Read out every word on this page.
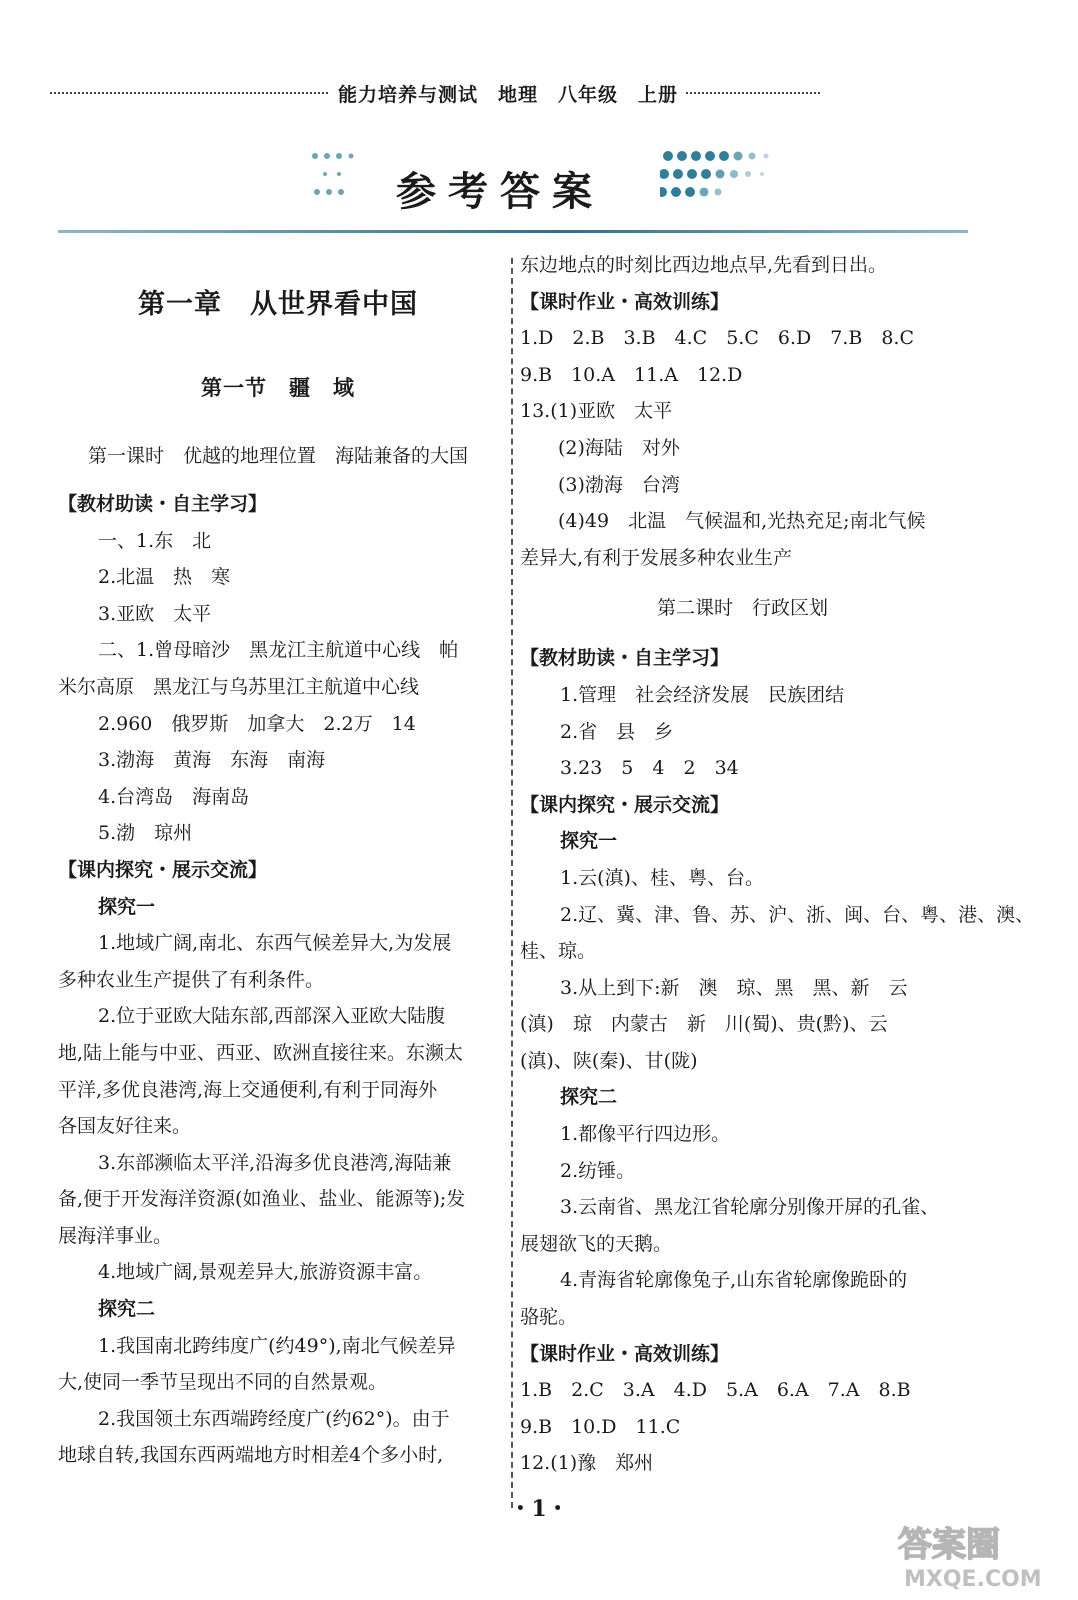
能力培养与测试　地理　八年级　上册
参考答案
第一章　从世界看中国
第一节　疆　域
第一课时　优越的地理位置　海陆兼备的大国
【教材助读・自主学习】
一、1.东　北
2.北温　热　寒
3.亚欧　太平
二、1.曾母暗沙　黑龙江主航道中心线　帕
米尔高原　黑龙江与乌苏里江主航道中心线
2.960　俄罗斯　加拿大　2.2万　14
3.渤海　黄海　东海　南海
4.台湾岛　海南岛
5.渤　琼州
【课内探究・展示交流】
探究一
1.地域广阔,南北、东西气候差异大,为发展
多种农业生产提供了有利条件。
2.位于亚欧大陆东部,西部深入亚欧大陆腹
地,陆上能与中亚、西亚、欧洲直接往来。东濒太
平洋,多优良港湾,海上交通便利,有利于同海外
各国友好往来。
3.东部濒临太平洋,沿海多优良港湾,海陆兼
备,便于开发海洋资源(如渔业、盐业、能源等);发
展海洋事业。
4.地域广阔,景观差异大,旅游资源丰富。
探究二
1.我国南北跨纬度广(约49°),南北气候差异
大,使同一季节呈现出不同的自然景观。
2.我国领土东西端跨经度广(约62°)。由于
地球自转,我国东西两端地方时相差4个多小时,
东边地点的时刻比西边地点早,先看到日出。
【课时作业・高效训练】
1.D　2.B　3.B　4.C　5.C　6.D　7.B　8.C
9.B　10.A　11.A　12.D
13.(1)亚欧　太平
(2)海陆　对外
(3)渤海　台湾
(4)49　北温　气候温和,光热充足;南北气候
差异大,有利于发展多种农业生产
第二课时　行政区划
【教材助读・自主学习】
1.管理　社会经济发展　民族团结
2.省　县　乡
3.23　5　4　2　34
【课内探究・展示交流】
探究一
1.云(滇)、桂、粤、台。
2.辽、冀、津、鲁、苏、沪、浙、闽、台、粤、港、澳、
桂、琼。
3.从上到下:新　澳　琼、黑　黑、新　云
(滇)　琼　内蒙古　新　川(蜀)、贵(黔)、云
(滇)、陕(秦)、甘(陇)
探究二
1.都像平行四边形。
2.纺锤。
3.云南省、黑龙江省轮廓分别像开屏的孔雀、
展翅欲飞的天鹅。
4.青海省轮廓像兔子,山东省轮廓像跪卧的
骆驼。
【课时作业・高效训练】
1.B　2.C　3.A　4.D　5.A　6.A　7.A　8.B
9.B　10.D　11.C
12.(1)豫　郑州
・1・
答案圈
MXQE.COM
